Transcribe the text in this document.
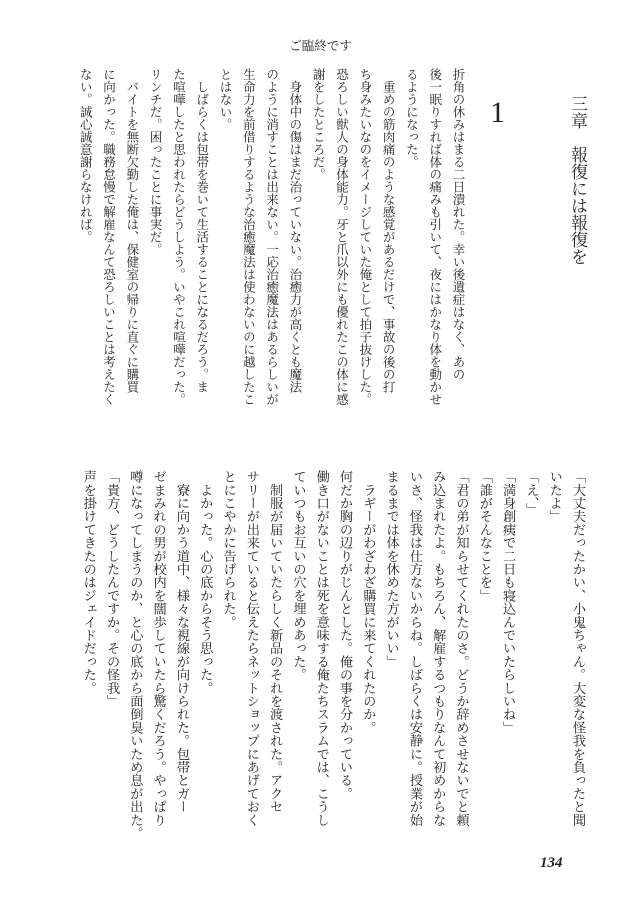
ご臨終です
三章　報復には報復を
1
折角の休みはまる二日潰れた。幸い後遺症はなく、あの
後一眠りすれば体の痛みも引いて、夜にはかなり体を動かせ
るようになった。
　重めの筋肉痛のような感覚があるだけで、事故の後の打
ち身みたいなのをイメージしていた俺として拍子抜けした。
恐ろしい獣人の身体能力。牙と爪以外にも優れたこの体に感
謝をしたところだ。
　身体中の傷はまだ治っていない。治癒力が高くとも魔法
のように消すことは出来ない。一応治癒魔法はあるらしいが
生命力を前借りするような治癒魔法は使わないのに越したこ
とはない。
　しばらくは包帯を巻いて生活することになるだろう。ま
た喧嘩したと思われたらどうしよう。いやこれ喧嘩だった。
リンチだ。困ったことに事実だ。
　バイトを無断欠勤した俺は、保健室の帰りに直ぐに購買
に向かった。職務怠慢で解雇なんて恐ろしいことは考えたく
ない。誠心誠意謝らなければ。
「大丈夫だったかい、小鬼ちゃん。大変な怪我を負ったと聞
いたよ」
「え、」
「満身創痍で二日も寝込んでいたらしいね」
「誰がそんなことを」
「君の弟が知らせてくれたのさ。どうか辞めさせないでと頼
み込まれたよ。もちろん、解雇するつもりなんて初めからな
いさ、怪我は仕方ないからね。しばらくは安静に。授業が始
まるまでは体を休めた方がいい」
　ラギーがわざわざ購買に来てくれたのか。
何だか胸の辺りがじんとした。俺の事を分かっている。
働き口がないことは死を意味する俺たちスラムでは、こうし
ていつもお互いの穴を埋めあった。
　制服が届いていたらしく新品のそれを渡された。アクセ
サリーが出来ていると伝えたらネットショップにあげておく
とにこやかに告げられた。
　よかった。心の底からそう思った。
　寮に向かう道中、様々な視線が向けられた。包帯とガー
ゼまみれの男が校内を闊歩していたら驚くだろう。やっぱり
噂になってしまうのか、と心の底から面倒臭いため息が出た。
「貴方、どうしたんですか。その怪我」
声を掛けてきたのはジェイドだった。
134
